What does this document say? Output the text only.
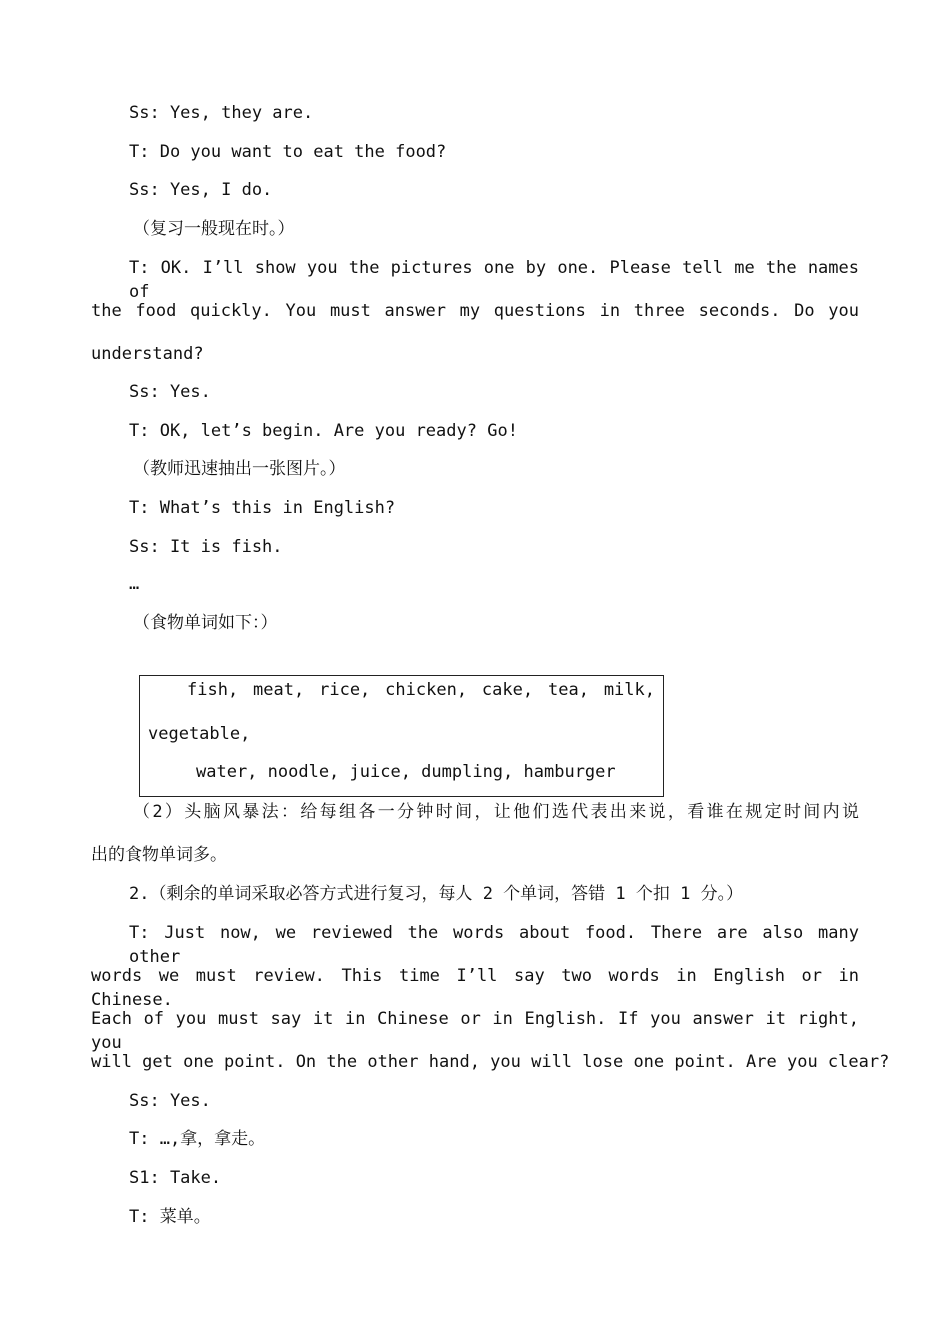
Ss: Yes, they are.
T: Do you want to eat the food?
Ss: Yes, I do.
（复习一般现在时。）
T: OK. I’ll show you the pictures one by one. Please tell me the names of
the food quickly. You must answer my questions in three seconds. Do you
understand?
Ss: Yes.
T: OK, let’s begin. Are you ready? Go!
（教师迅速抽出一张图片。）
T: What’s this in English?
Ss: It is fish.
…
（食物单词如下：）
fish, meat, rice, chicken, cake, tea, milk,
vegetable,
water, noodle, juice, dumpling, hamburger
（2）头脑风暴法：给每组各一分钟时间，让他们选代表出来说，看谁在规定时间内说
出的食物单词多。
2.（剩余的单词采取必答方式进行复习，每人 2 个单词，答错 1 个扣 1 分。）
T: Just now, we reviewed the words about food. There are also many other
words we must review. This time I’ll say two words in English or in Chinese.
Each of you must say it in Chinese or in English. If you answer it right, you
will get one point. On the other hand, you will lose one point. Are you clear?
Ss: Yes.
T: …,拿，拿走。
S1: Take.
T: 菜单。
